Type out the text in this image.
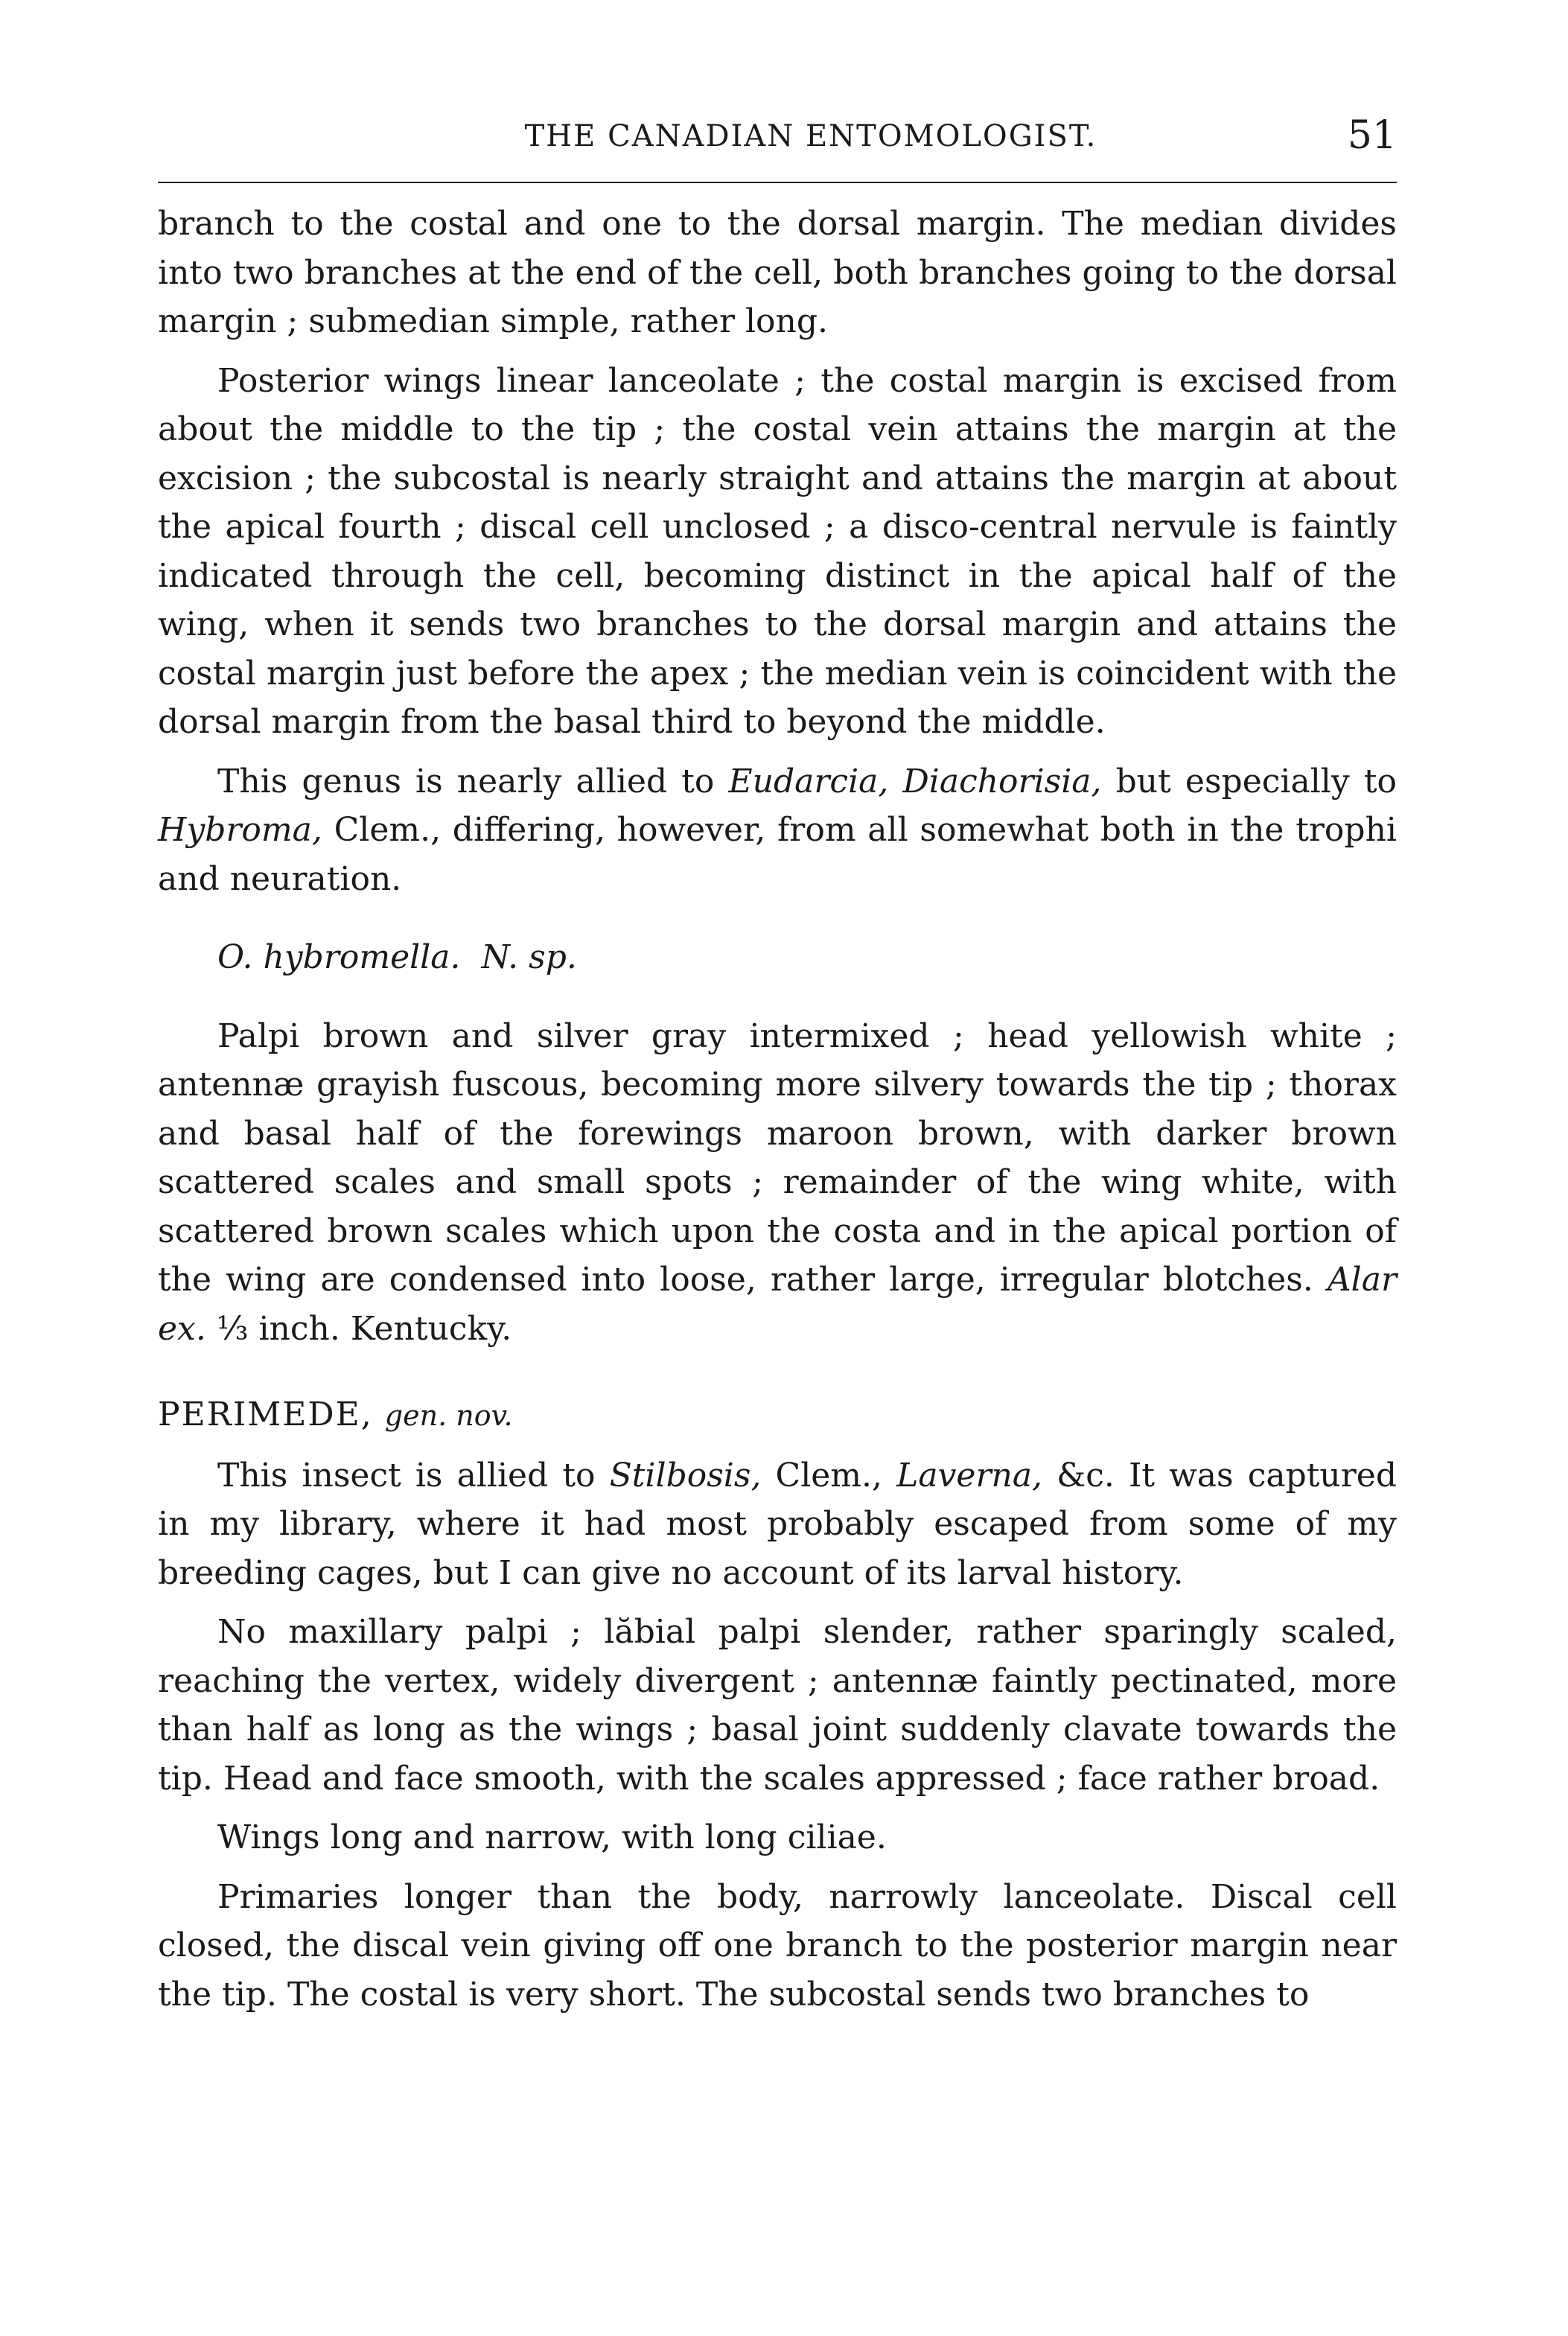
THE CANADIAN ENTOMOLOGIST.	51

branch to the costal and one to the dorsal margin. The median divides into two branches at the end of the cell, both branches going to the dorsal margin ; submedian simple, rather long.

Posterior wings linear lanceolate ; the costal margin is excised from about the middle to the tip ; the costal vein attains the margin at the excision ; the subcostal is nearly straight and attains the margin at about the apical fourth ; discal cell unclosed ; a disco-central nervule is faintly indicated through the cell, becoming distinct in the apical half of the wing, when it sends two branches to the dorsal margin and attains the costal margin just before the apex ; the median vein is coincident with the dorsal margin from the basal third to beyond the middle.

This genus is nearly allied to Eudarcia, Diachorisia, but especially to Hybroma, Clem., differing, however, from all somewhat both in the trophi and neuration.

O. hybromella. N. sp.

Palpi brown and silver gray intermixed ; head yellowish white ; antennæ grayish fuscous, becoming more silvery towards the tip ; thorax and basal half of the forewings maroon brown, with darker brown scattered scales and small spots ; remainder of the wing white, with scattered brown scales which upon the costa and in the apical portion of the wing are condensed into loose, rather large, irregular blotches. Alar ex. ⅓ inch. Kentucky.

PERIMEDE, gen. nov.

This insect is allied to Stilbosis, Clem., Laverna, &c. It was captured in my library, where it had most probably escaped from some of my breeding cages, but I can give no account of its larval history.

No maxillary palpi ; lăbial palpi slender, rather sparingly scaled, reaching the vertex, widely divergent ; antennæ faintly pectinated, more than half as long as the wings ; basal joint suddenly clavate towards the tip. Head and face smooth, with the scales appressed ; face rather broad.

Wings long and narrow, with long ciliae.

Primaries longer than the body, narrowly lanceolate. Discal cell closed, the discal vein giving off one branch to the posterior margin near the tip. The costal is very short. The subcostal sends two branches to
